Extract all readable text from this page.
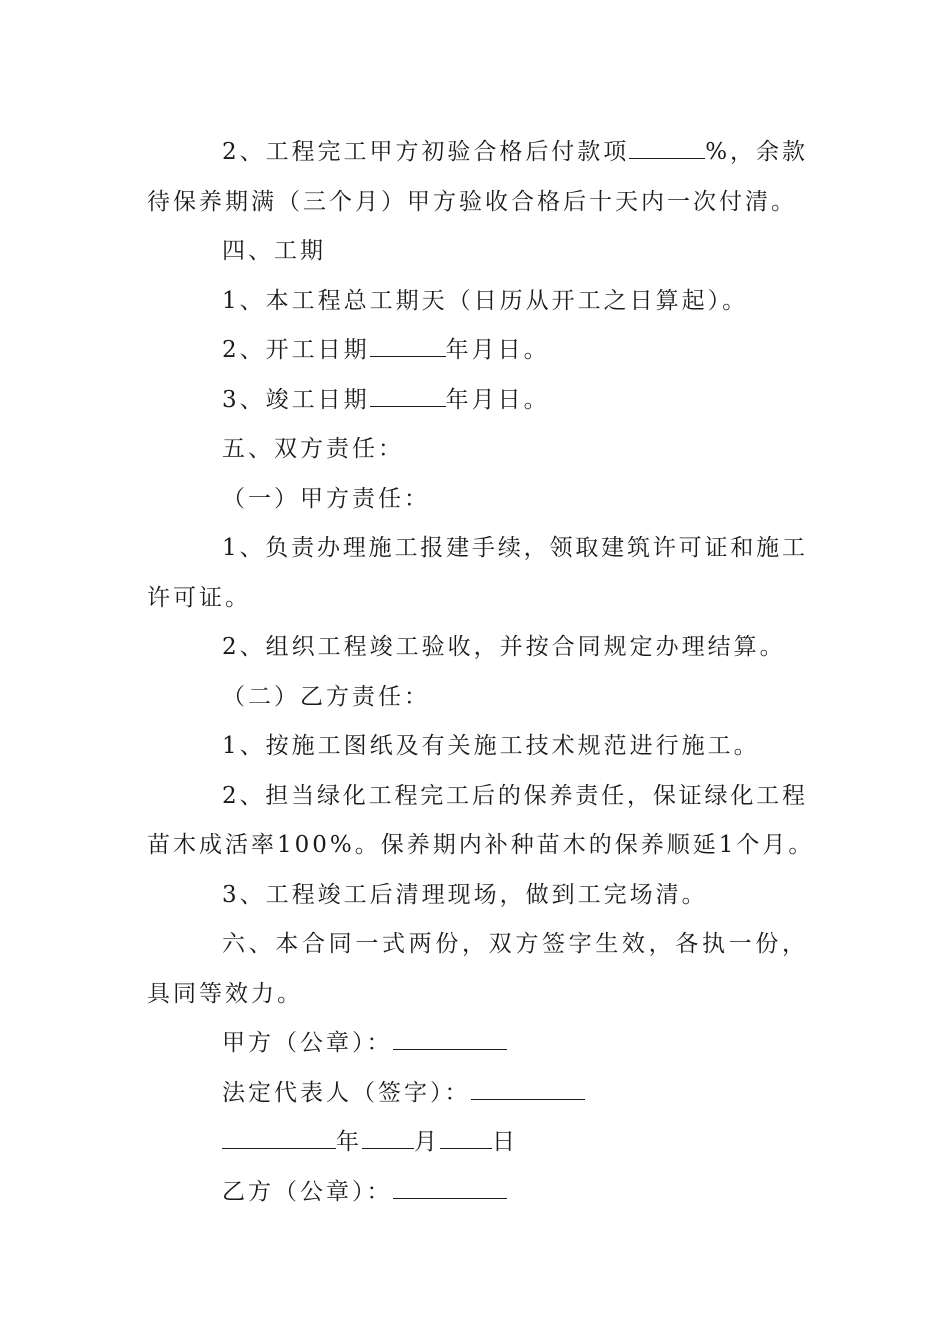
2、工程完工甲方初验合格后付款项	%，余款
待保养期满（三个月）甲方验收合格后十天内一次付清。
四、工期
1、本工程总工期天（日历从开工之日算起）。
2、开工日期	年月日。
3、竣工日期	年月日。
五、双方责任：
（一）甲方责任：
1、负责办理施工报建手续，领取建筑许可证和施工
许可证。
2、组织工程竣工验收，并按合同规定办理结算。
（二）乙方责任：
1、按施工图纸及有关施工技术规范进行施工。
2、担当绿化工程完工后的保养责任，保证绿化工程
苗木成活率100%。保养期内补种苗木的保养顺延1个月。
3、工程竣工后清理现场，做到工完场清。
六、本合同一式两份，双方签字生效，各执一份，
具同等效力。
甲方（公章）：
法定代表人（签字）：
年 月 日
乙方（公章）：
